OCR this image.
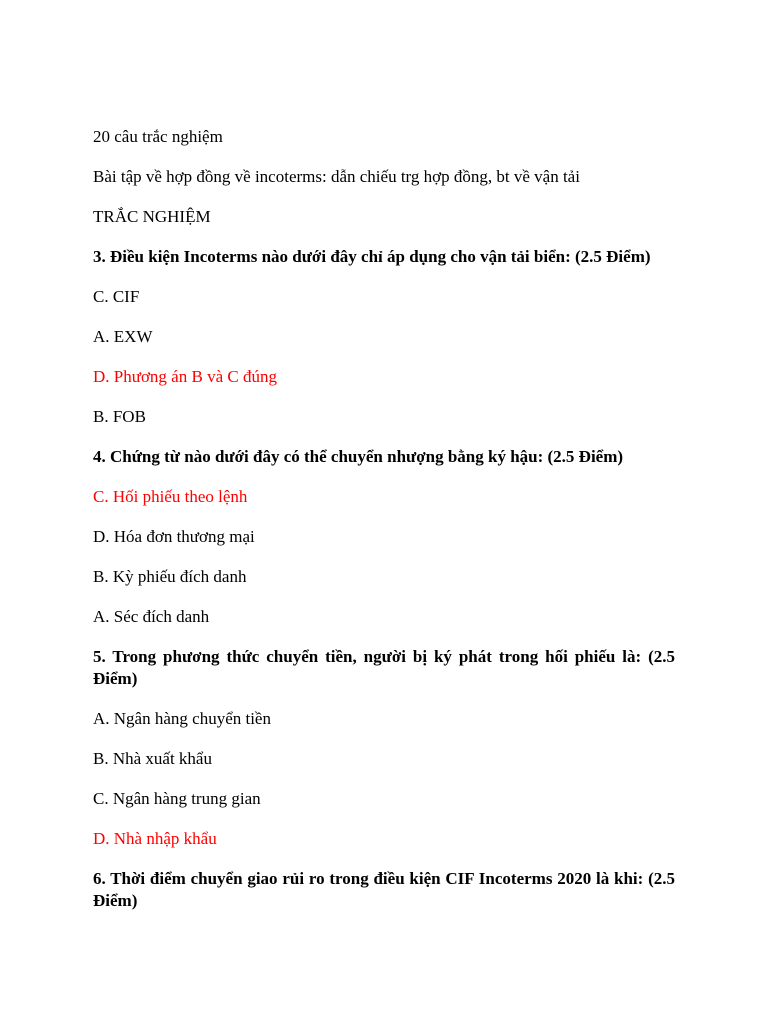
20 câu trắc nghiệm

Bài tập về hợp đồng về incoterms: dẫn chiếu trg hợp đồng, bt về vận tải

TRẮC NGHIỆM

3. Điều kiện Incoterms nào dưới đây chỉ áp dụng cho vận tải biển: (2.5 Điểm)

C. CIF

A. EXW

D. Phương án B và C đúng

B. FOB

4. Chứng từ nào dưới đây có thể chuyển nhượng bằng ký hậu: (2.5 Điểm)

C. Hối phiếu theo lệnh

D. Hóa đơn thương mại

B. Kỳ phiếu đích danh

A. Séc đích danh

5. Trong phương thức chuyển tiền, người bị ký phát trong hối phiếu là: (2.5 Điểm)

A. Ngân hàng chuyển tiền

B. Nhà xuất khẩu

C. Ngân hàng trung gian

D. Nhà nhập khẩu

6. Thời điểm chuyển giao rủi ro trong điều kiện CIF Incoterms 2020 là khi: (2.5 Điểm)
